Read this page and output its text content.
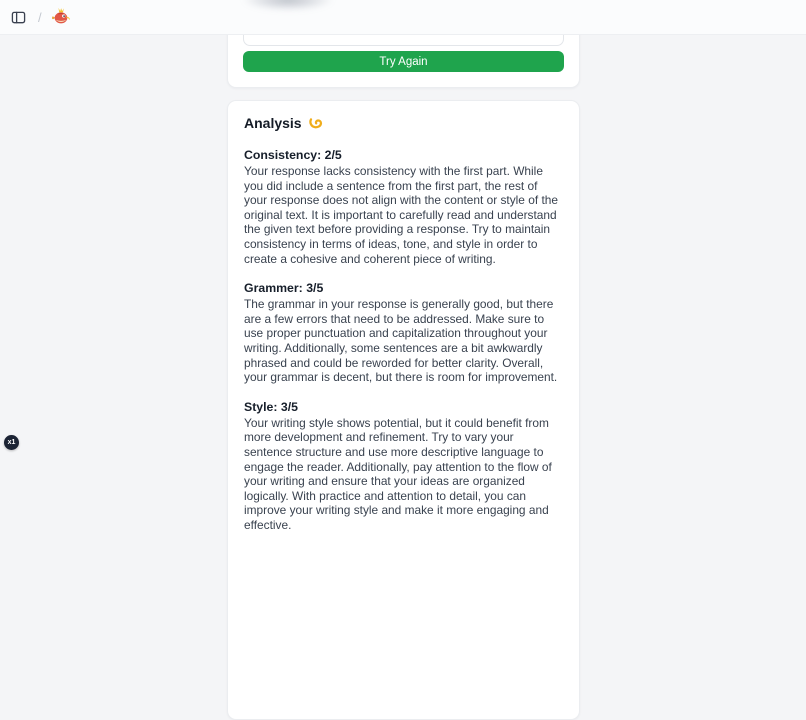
/
Try Again
Analysis
Consistency: 2/5

Your response lacks consistency with the first part. While you did include a sentence from the first part, the rest of your response does not align with the content or style of the original text. It is important to carefully read and understand the given text before providing a response. Try to maintain consistency in terms of ideas, tone, and style in order to create a cohesive and coherent piece of writing.

Grammer: 3/5

The grammar in your response is generally good, but there are a few errors that need to be addressed. Make sure to use proper punctuation and capitalization throughout your writing. Additionally, some sentences are a bit awkwardly phrased and could be reworded for better clarity. Overall, your grammar is decent, but there is room for improvement.

Style: 3/5

Your writing style shows potential, but it could benefit from more development and refinement. Try to vary your sentence structure and use more descriptive language to engage the reader. Additionally, pay attention to the flow of your writing and ensure that your ideas are organized logically. With practice and attention to detail, you can improve your writing style and make it more engaging and effective.

x1
